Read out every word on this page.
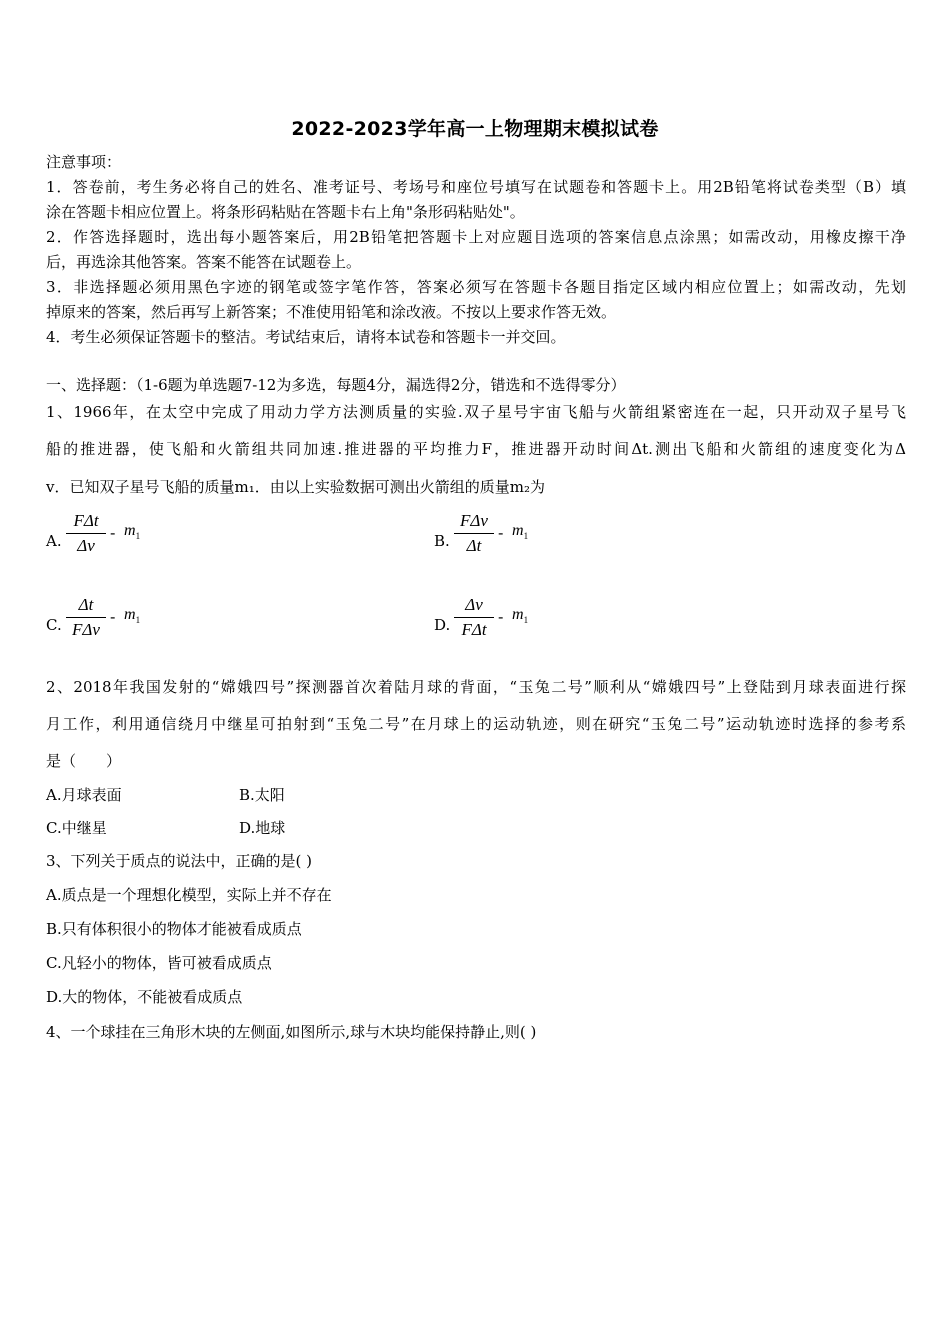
2022-2023学年高一上物理期末模拟试卷
注意事项：
1．答卷前，考生务必将自己的姓名、准考证号、考场号和座位号填写在试题卷和答题卡上。用2B铅笔将试卷类型（B）填
涂在答题卡相应位置上。将条形码粘贴在答题卡右上角"条形码粘贴处"。
2．作答选择题时，选出每小题答案后，用2B铅笔把答题卡上对应题目选项的答案信息点涂黑；如需改动，用橡皮擦干净
后，再选涂其他答案。答案不能答在试题卷上。
3．非选择题必须用黑色字迹的钢笔或签字笔作答，答案必须写在答题卡各题目指定区域内相应位置上；如需改动，先划
掉原来的答案，然后再写上新答案；不准使用铅笔和涂改液。不按以上要求作答无效。
4．考生必须保证答题卡的整洁。考试结束后，请将本试卷和答题卡一并交回。
一、选择题：（1-6题为单选题7-12为多选，每题4分，漏选得2分，错选和不选得零分）
1、1966年，在太空中完成了用动力学方法测质量的实验.双子星号宇宙飞船与火箭组紧密连在一起，只开动双子星号飞
船的推进器，使飞船和火箭组共同加速.推进器的平均推力F，推进器开动时间Δt.测出飞船和火箭组的速度变化为Δ
v．已知双子星号飞船的质量m₁．由以上实验数据可测出火箭组的质量m₂为
A.
FΔt
Δv
- $m_1$	B.
FΔv
Δt
- $m_1$
C.
Δt
FΔv
- $m_1$	D.
Δv
FΔt
- $m_1$
2、2018年我国发射的“嫦娥四号”探测器首次着陆月球的背面，“玉兔二号”顺利从“嫦娥四号”上登陆到月球表面进行探
月工作，利用通信绕月中继星可拍射到“玉兔二号”在月球上的运动轨迹，则在研究“玉兔二号”运动轨迹时选择的参考系
是（　　）
A.月球表面	B.太阳
C.中继星	D.地球
3、下列关于质点的说法中，正确的是( )
A.质点是一个理想化模型，实际上并不存在
B.只有体积很小的物体才能被看成质点
C.凡轻小的物体，皆可被看成质点
D.大的物体，不能被看成质点
4、一个球挂在三角形木块的左侧面,如图所示,球与木块均能保持静止,则( )
